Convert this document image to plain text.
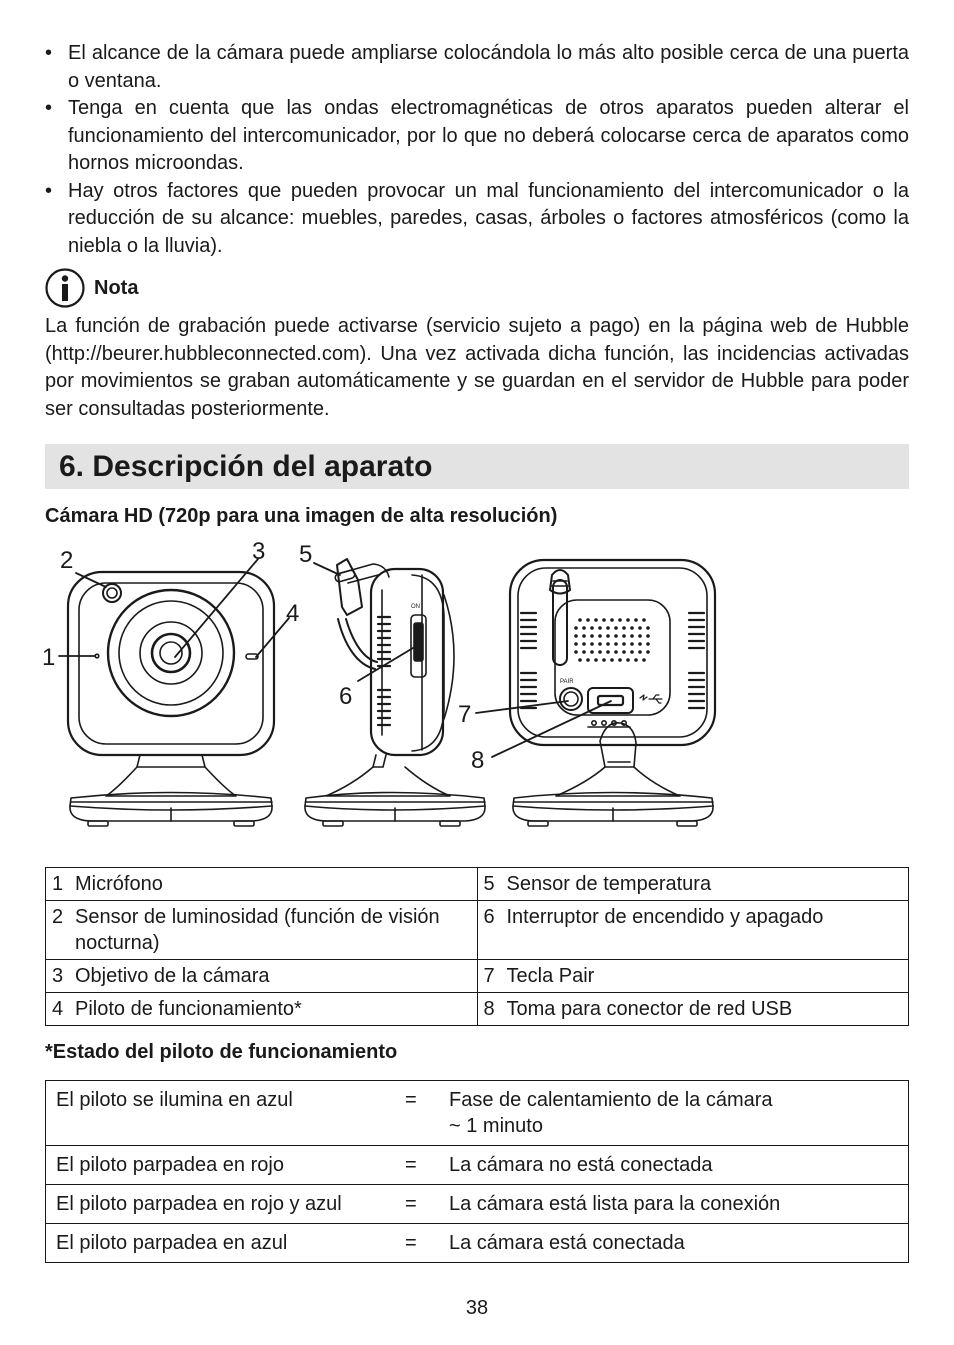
• El alcance de la cámara puede ampliarse colocándola lo más alto posible cerca de una puerta o ventana.
• Tenga en cuenta que las ondas electromagnéticas de otros aparatos pueden alterar el funcionamiento del intercomunicador, por lo que no deberá colocarse cerca de aparatos como hornos microondas.
• Hay otros factores que pueden provocar un mal funcionamiento del intercomunicador o la reducción de su alcance: muebles, paredes, casas, árboles o factores atmosféricos (como la niebla o la lluvia).
Nota

La función de grabación puede activarse (servicio sujeto a pago) en la página web de Hubble (http://beurer.hubbleconnected.com). Una vez activada dicha función, las incidencias activadas por movimientos se graban automáticamente y se guardan en el servidor de Hubble para poder ser consultadas posteriormente.

6. Descripción del aparato
Cámara HD (720p para una imagen de alta resolución)
ON
PAIR
1
2	3
4
5
6
7
8
1 Micrófono	5 Sensor de temperatura

2 Sensor de luminosidad (función de visión nocturna)	6 Interruptor de encendido y apagado

3 Objetivo de la cámara	7 Tecla Pair

4 Piloto de funcionamiento*	8 Toma para conector de red USB
*Estado del piloto de funcionamiento
El piloto se ilumina en azul	=	Fase de calentamiento de la cámara
~ 1 minuto

El piloto parpadea en rojo	=	La cámara no está conectada
El piloto parpadea en rojo y azul	=	La cámara está lista para la conexión
El piloto parpadea en azul	=	La cámara está conectada

38
